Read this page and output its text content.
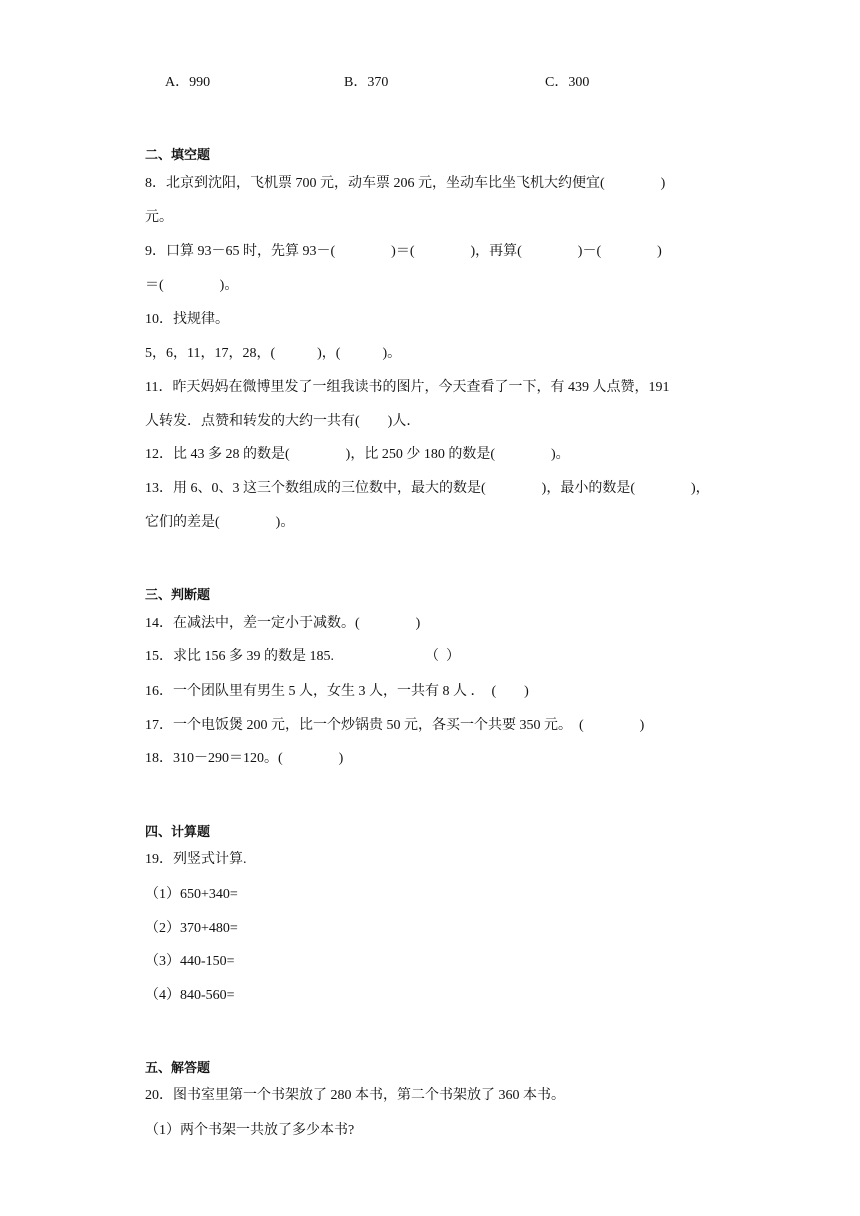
A．990	B．370	C．300
二、填空题
8．北京到沈阳，飞机票 700 元，动车票 206 元，坐动车比坐飞机大约便宜(　　　　)
元。
9．口算 93－65 时，先算 93－(　　　　)＝(　　　　)，再算(　　　　)－(　　　　)
＝(　　　　)。
10．找规律。
5，6，11，17，28，(　　　)，(　　　)。
11．昨天妈妈在微博里发了一组我读书的图片，今天查看了一下，有 439 人点赞，191
人转发．点赞和转发的大约一共有(　　)人．
12．比 43 多 28 的数是(　　　　)，比 250 少 180 的数是(　　　　)。
13．用 6、0、3 这三个数组成的三位数中，最大的数是(　　　　)，最小的数是(　　　　)，
它们的差是(　　　　)。
三、判断题
14．在减法中，差一定小于减数。(　　　　)
15．求比 156 多 39 的数是 185.　　　　　　　（  ）
16．一个团队里有男生 5 人，女生 3 人，一共有 8 人 ．　(　　)
17．一个电饭煲 200 元，比一个炒锅贵 50 元，各买一个共要 350 元。　(　　　　)
18．310－290＝120。(　　　　)
四、计算题
19．列竖式计算.
（1）650+340=
（2）370+480=
（3）440-150=
（4）840-560=
五、解答题
20．图书室里第一个书架放了 280 本书，第二个书架放了 360 本书。
（1）两个书架一共放了多少本书?
